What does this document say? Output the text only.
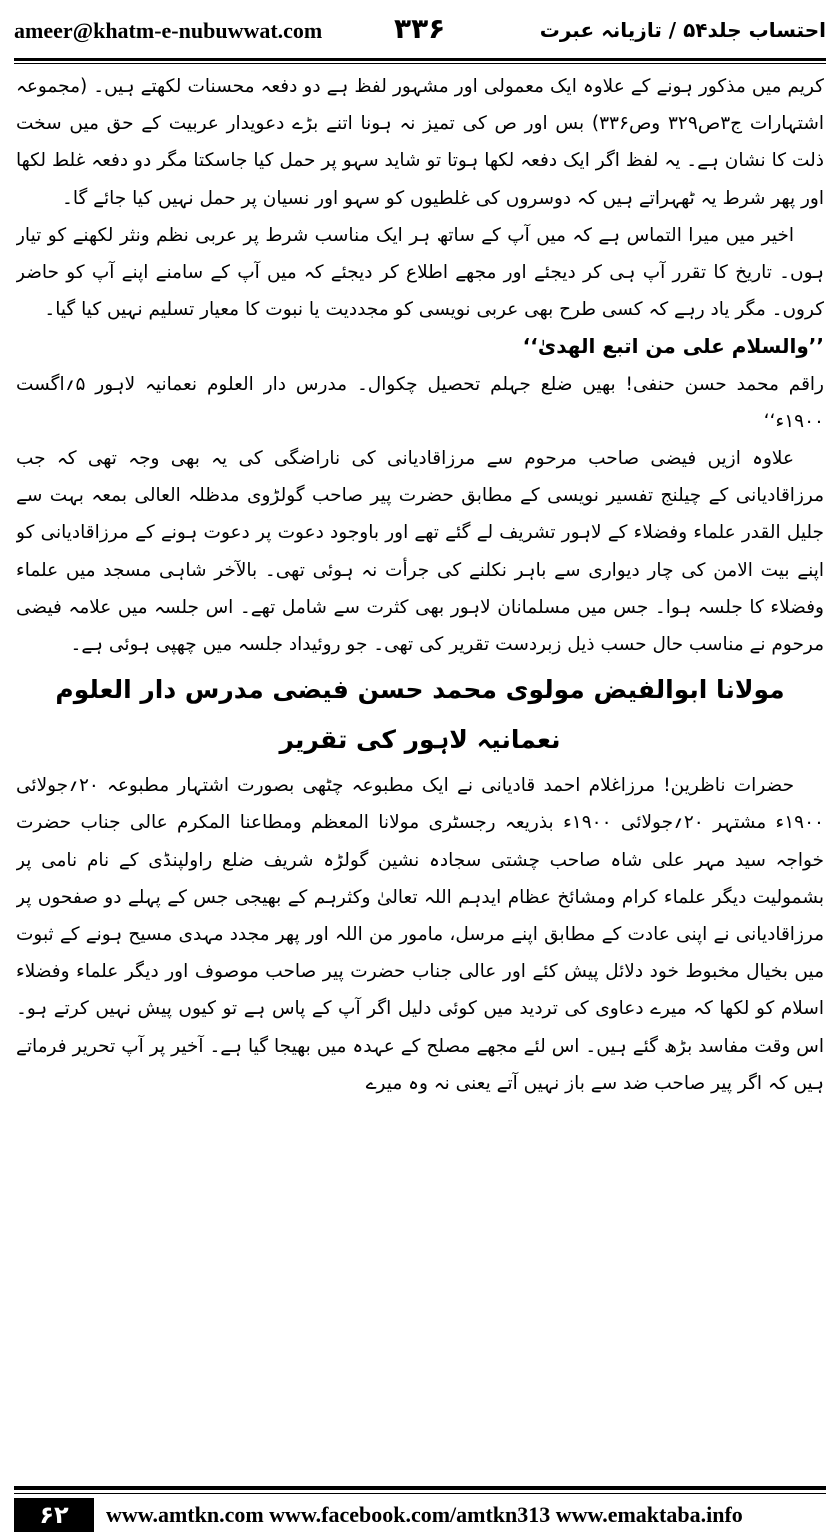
ameer@khatm-e-nubuwwat.com	۳۳۶	احتساب جلد۵۴ / تازیانہ عبرت

کریم میں مذکور ہونے کے علاوہ ایک معمولی اور مشہور لفظ ہے دو دفعہ محسنات لکھتے ہیں۔ (مجموعہ اشتہارات ج۳ص۳۲۹ وص۳۳۶) بس اور ص کی تمیز نہ ہونا اتنے بڑے دعویدار عربیت کے حق میں سخت ذلت کا نشان ہے۔ یہ لفظ اگر ایک دفعہ لکھا ہوتا تو شاید سہو پر حمل کیا جاسکتا مگر دو دفعہ غلط لکھا اور پھر شرط یہ ٹھہراتے ہیں کہ دوسروں کی غلطیوں کو سہو اور نسیان پر حمل نہیں کیا جائے گا۔

اخیر میں میرا التماس ہے کہ میں آپ کے ساتھ ہر ایک مناسب شرط پر عربی نظم ونثر لکھنے کو تیار ہوں۔ تاریخ کا تقرر آپ ہی کر دیجئے اور مجھے اطلاع کر دیجئے کہ میں آپ کے سامنے اپنے آپ کو حاضر کروں۔ مگر یاد رہے کہ کسی طرح بھی عربی نویسی کو مجددیت یا نبوت کا معیار تسلیم نہیں کیا گیا۔

’’والسلام علی من اتبع الھدیٰ‘‘

راقم محمد حسن حنفی! بھیں ضلع جہلم تحصیل چکوال۔ مدرس دار العلوم نعمانیہ لاہور ۵؍اگست ۱۹۰۰ء‘‘

علاوہ ازیں فیضی صاحب مرحوم سے مرزاقادیانی کی ناراضگی کی یہ بھی وجہ تھی کہ جب مرزاقادیانی کے چیلنج تفسیر نویسی کے مطابق حضرت پیر صاحب گولڑوی مدظلہ العالی بمعہ بہت سے جلیل القدر علماء وفضلاء کے لاہور تشریف لے گئے تھے اور باوجود دعوت پر دعوت ہونے کے مرزاقادیانی کو اپنے بیت الامن کی چار دیواری سے باہر نکلنے کی جرأت نہ ہوئی تھی۔ بالآخر شاہی مسجد میں علماء وفضلاء کا جلسہ ہوا۔ جس میں مسلمانان لاہور بھی کثرت سے شامل تھے۔ اس جلسہ میں علامہ فیضی مرحوم نے مناسب حال حسب ذیل زبردست تقریر کی تھی۔ جو روئیداد جلسہ میں چھپی ہوئی ہے۔

مولانا ابوالفیض مولوی محمد حسن فیضی مدرس دار العلوم نعمانیہ لاہور کی تقریر

حضرات ناظرین! مرزاغلام احمد قادیانی نے ایک مطبوعہ چٹھی بصورت اشتہار مطبوعہ ۲۰؍جولائی ۱۹۰۰ء مشتہر ۲۰؍جولائی ۱۹۰۰ء بذریعہ رجسٹری مولانا المعظم ومطاعنا المکرم عالی جناب حضرت خواجہ سید مہر علی شاہ صاحب چشتی سجادہ نشین گولڑہ شریف ضلع راولپنڈی کے نام نامی پر بشمولیت دیگر علماء کرام ومشائخ عظام ایدہم اللہ تعالیٰ وکثرہم کے بھیجی جس کے پہلے دو صفحوں پر مرزاقادیانی نے اپنی عادت کے مطابق اپنے مرسل، مامور من اللہ اور پھر مجدد مہدی مسیح ہونے کے ثبوت میں بخیال مخبوط خود دلائل پیش کئے اور عالی جناب حضرت پیر صاحب موصوف اور دیگر علماء وفضلاء اسلام کو لکھا کہ میرے دعاوی کی تردید میں کوئی دلیل اگر آپ کے پاس ہے تو کیوں پیش نہیں کرتے ہو۔ اس وقت مفاسد بڑھ گئے ہیں۔ اس لئے مجھے مصلح کے عہدہ میں بھیجا گیا ہے۔ آخیر پر آپ تحریر فرماتے ہیں کہ اگر پیر صاحب ضد سے باز نہیں آتے یعنی نہ وہ میرے

۶۲	www.amtkn.com www.facebook.com/amtkn313 www.emaktaba.info
